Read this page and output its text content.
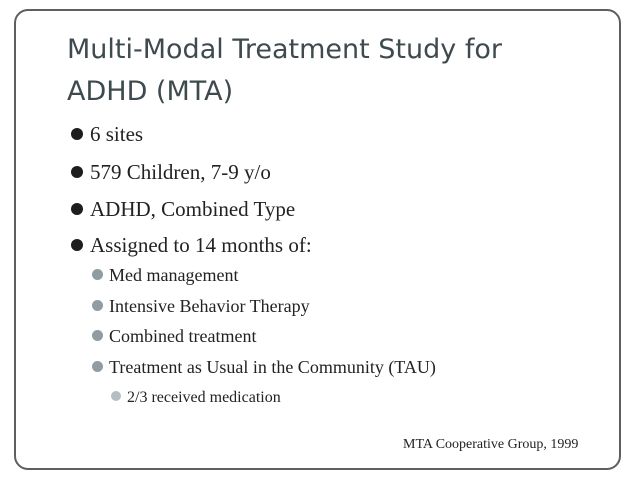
Multi-Modal Treatment Study for ADHD (MTA)
6 sites
579 Children, 7-9 y/o
ADHD, Combined Type
Assigned to 14 months of:
Med management
Intensive Behavior Therapy
Combined treatment
Treatment as Usual in the Community (TAU)
2/3 received medication
MTA Cooperative Group, 1999
